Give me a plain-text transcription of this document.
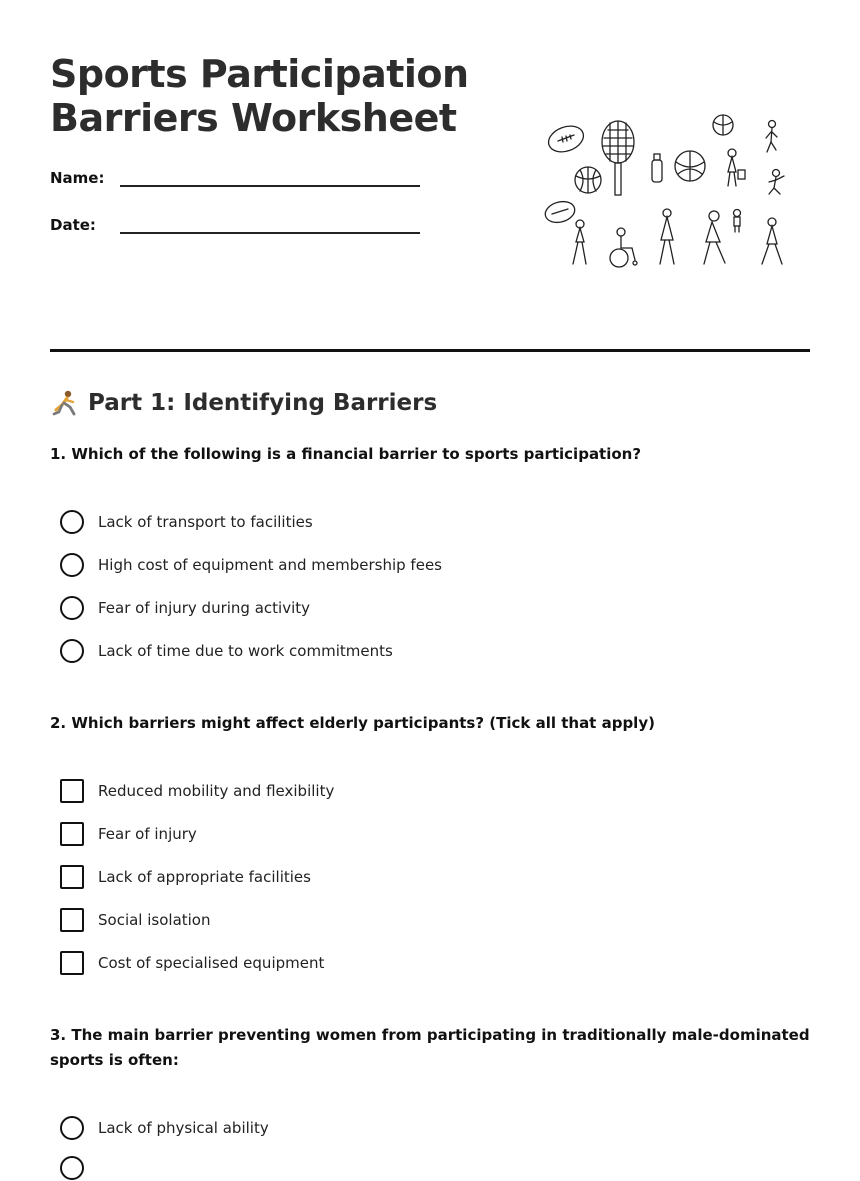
Sports Participation
Barriers Worksheet
Name:
Date:
Part 1: Identifying Barriers

1. Which of the following is a financial barrier to sports participation?

Lack of transport to facilities
High cost of equipment and membership fees
Fear of injury during activity
Lack of time due to work commitments

2. Which barriers might affect elderly participants? (Tick all that apply)

Reduced mobility and flexibility
Fear of injury
Lack of appropriate facilities
Social isolation
Cost of specialised equipment

3. The main barrier preventing women from participating in traditionally male-dominated sports is often:

Lack of physical ability
